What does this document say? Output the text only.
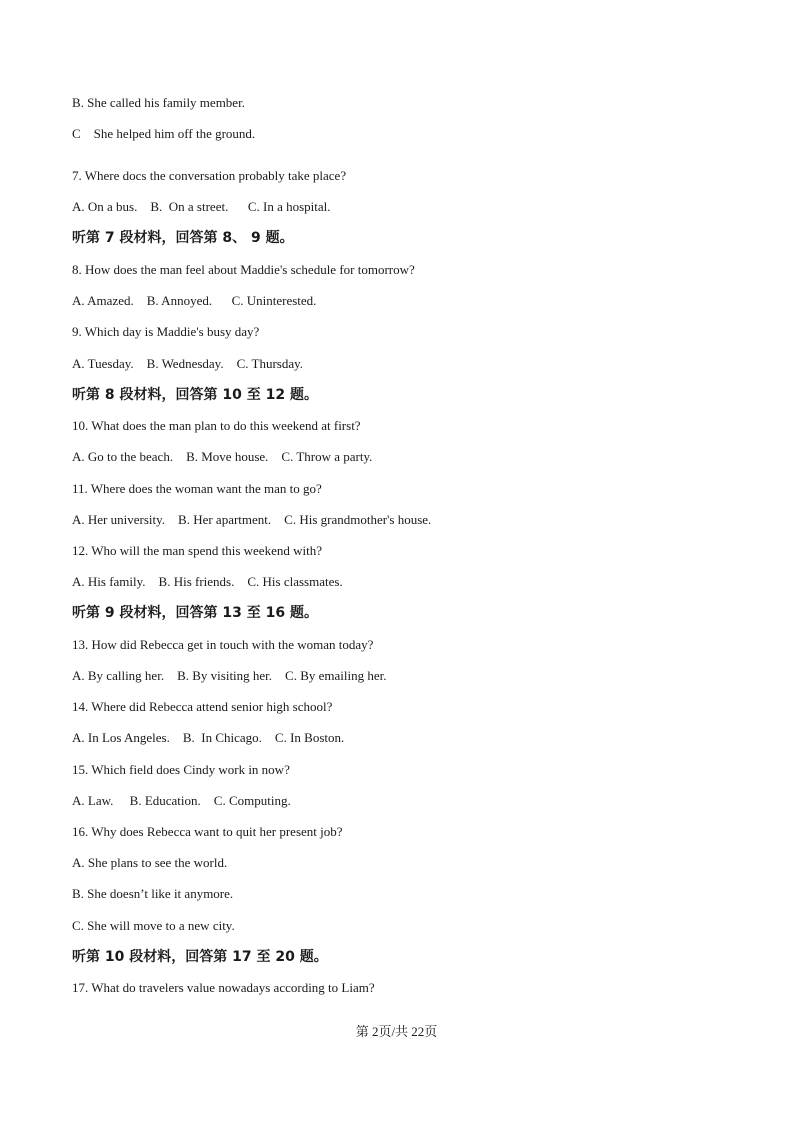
B. She called his family member.
C    She helped him off the ground.
7. Where docs the conversation probably take place?
A. On a bus.    B.  On a street.      C. In a hospital.
听第 7 段材料，回答第 8、 9 题。
8. How does the man feel about Maddie's schedule for tomorrow?
A. Amazed.    B. Annoyed.      C. Uninterested.
9. Which day is Maddie's busy day?
A. Tuesday.    B. Wednesday.    C. Thursday.
听第 8 段材料，回答第 10 至 12 题。
10. What does the man plan to do this weekend at first?
A. Go to the beach.    B. Move house.    C. Throw a party.
11. Where does the woman want the man to go?
A. Her university.    B. Her apartment.    C. His grandmother's house.
12. Who will the man spend this weekend with?
A. His family.    B. His friends.    C. His classmates.
听第 9 段材料，回答第 13 至 16 题。
13. How did Rebecca get in touch with the woman today?
A. By calling her.    B. By visiting her.    C. By emailing her.
14. Where did Rebecca attend senior high school?
A. In Los Angeles.    B.  In Chicago.    C. In Boston.
15. Which field does Cindy work in now?
A. Law.     B. Education.    C. Computing.
16. Why does Rebecca want to quit her present job?
A. She plans to see the world.
B. She doesn’t like it anymore.
C. She will move to a new city.
听第 10 段材料，回答第 17 至 20 题。
17. What do travelers value nowadays according to Liam?
第 2页/共 22页
